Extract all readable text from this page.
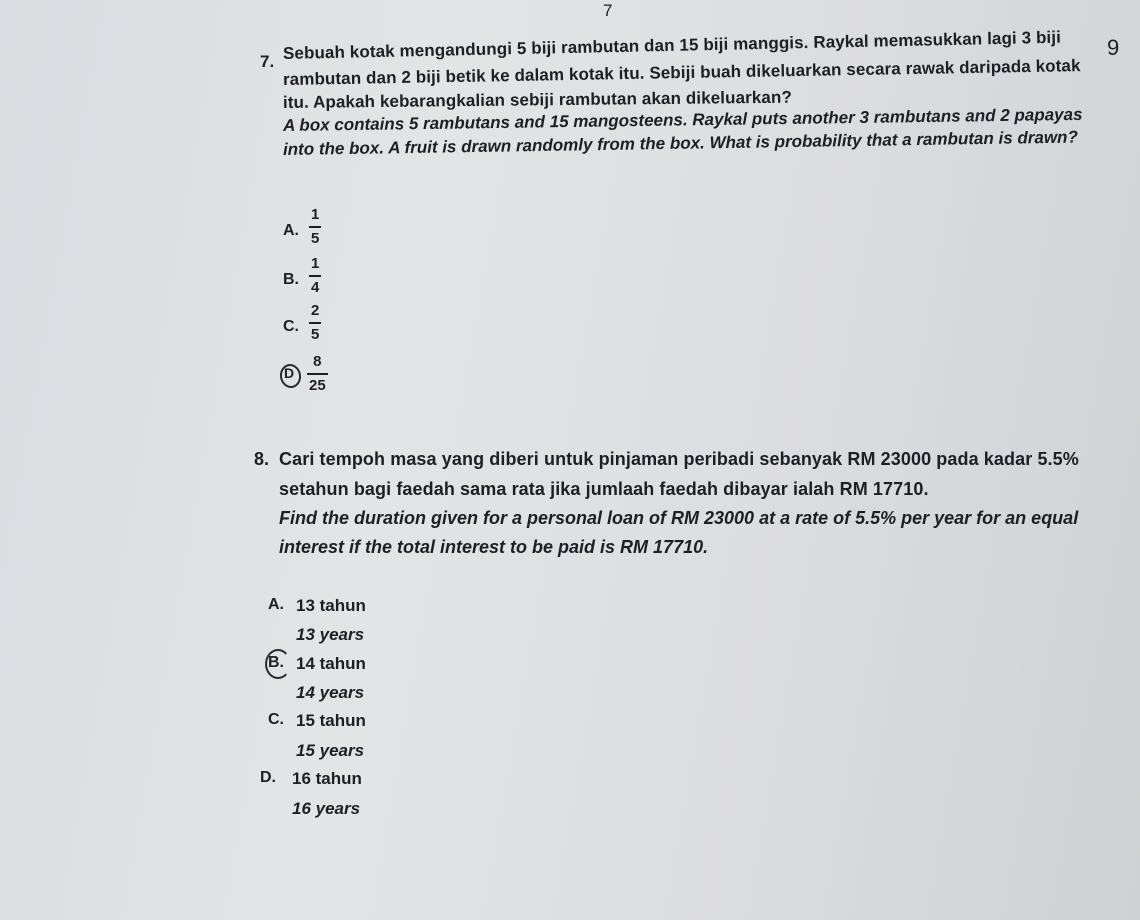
7
9
7. Sebuah kotak mengandungi 5 biji rambutan dan 15 biji manggis. Raykal memasukkan lagi 3 biji
rambutan dan 2 biji betik ke dalam kotak itu. Sebiji buah dikeluarkan secara rawak daripada kotak
itu. Apakah kebarangkalian sebiji rambutan akan dikeluarkan?
A box contains 5 rambutans and 15 mangosteens. Raykal puts another 3 rambutans and 2 papayas
into the box. A fruit is drawn randomly from the box. What is probability that a rambutan is drawn?
A.
1
5
B.
1
4
C.
2
5
D
8
25
8. Cari tempoh masa yang diberi untuk pinjaman peribadi sebanyak RM 23000 pada kadar 5.5%
setahun bagi faedah sama rata jika jumlaah faedah dibayar ialah RM 17710.
Find the duration given for a personal loan of RM 23000 at a rate of 5.5% per year for an equal
interest if the total interest to be paid is RM 17710.
A. 13 tahun
13 years
B. 14 tahun
14 years
C. 15 tahun
15 years
D. 16 tahun
16 years
